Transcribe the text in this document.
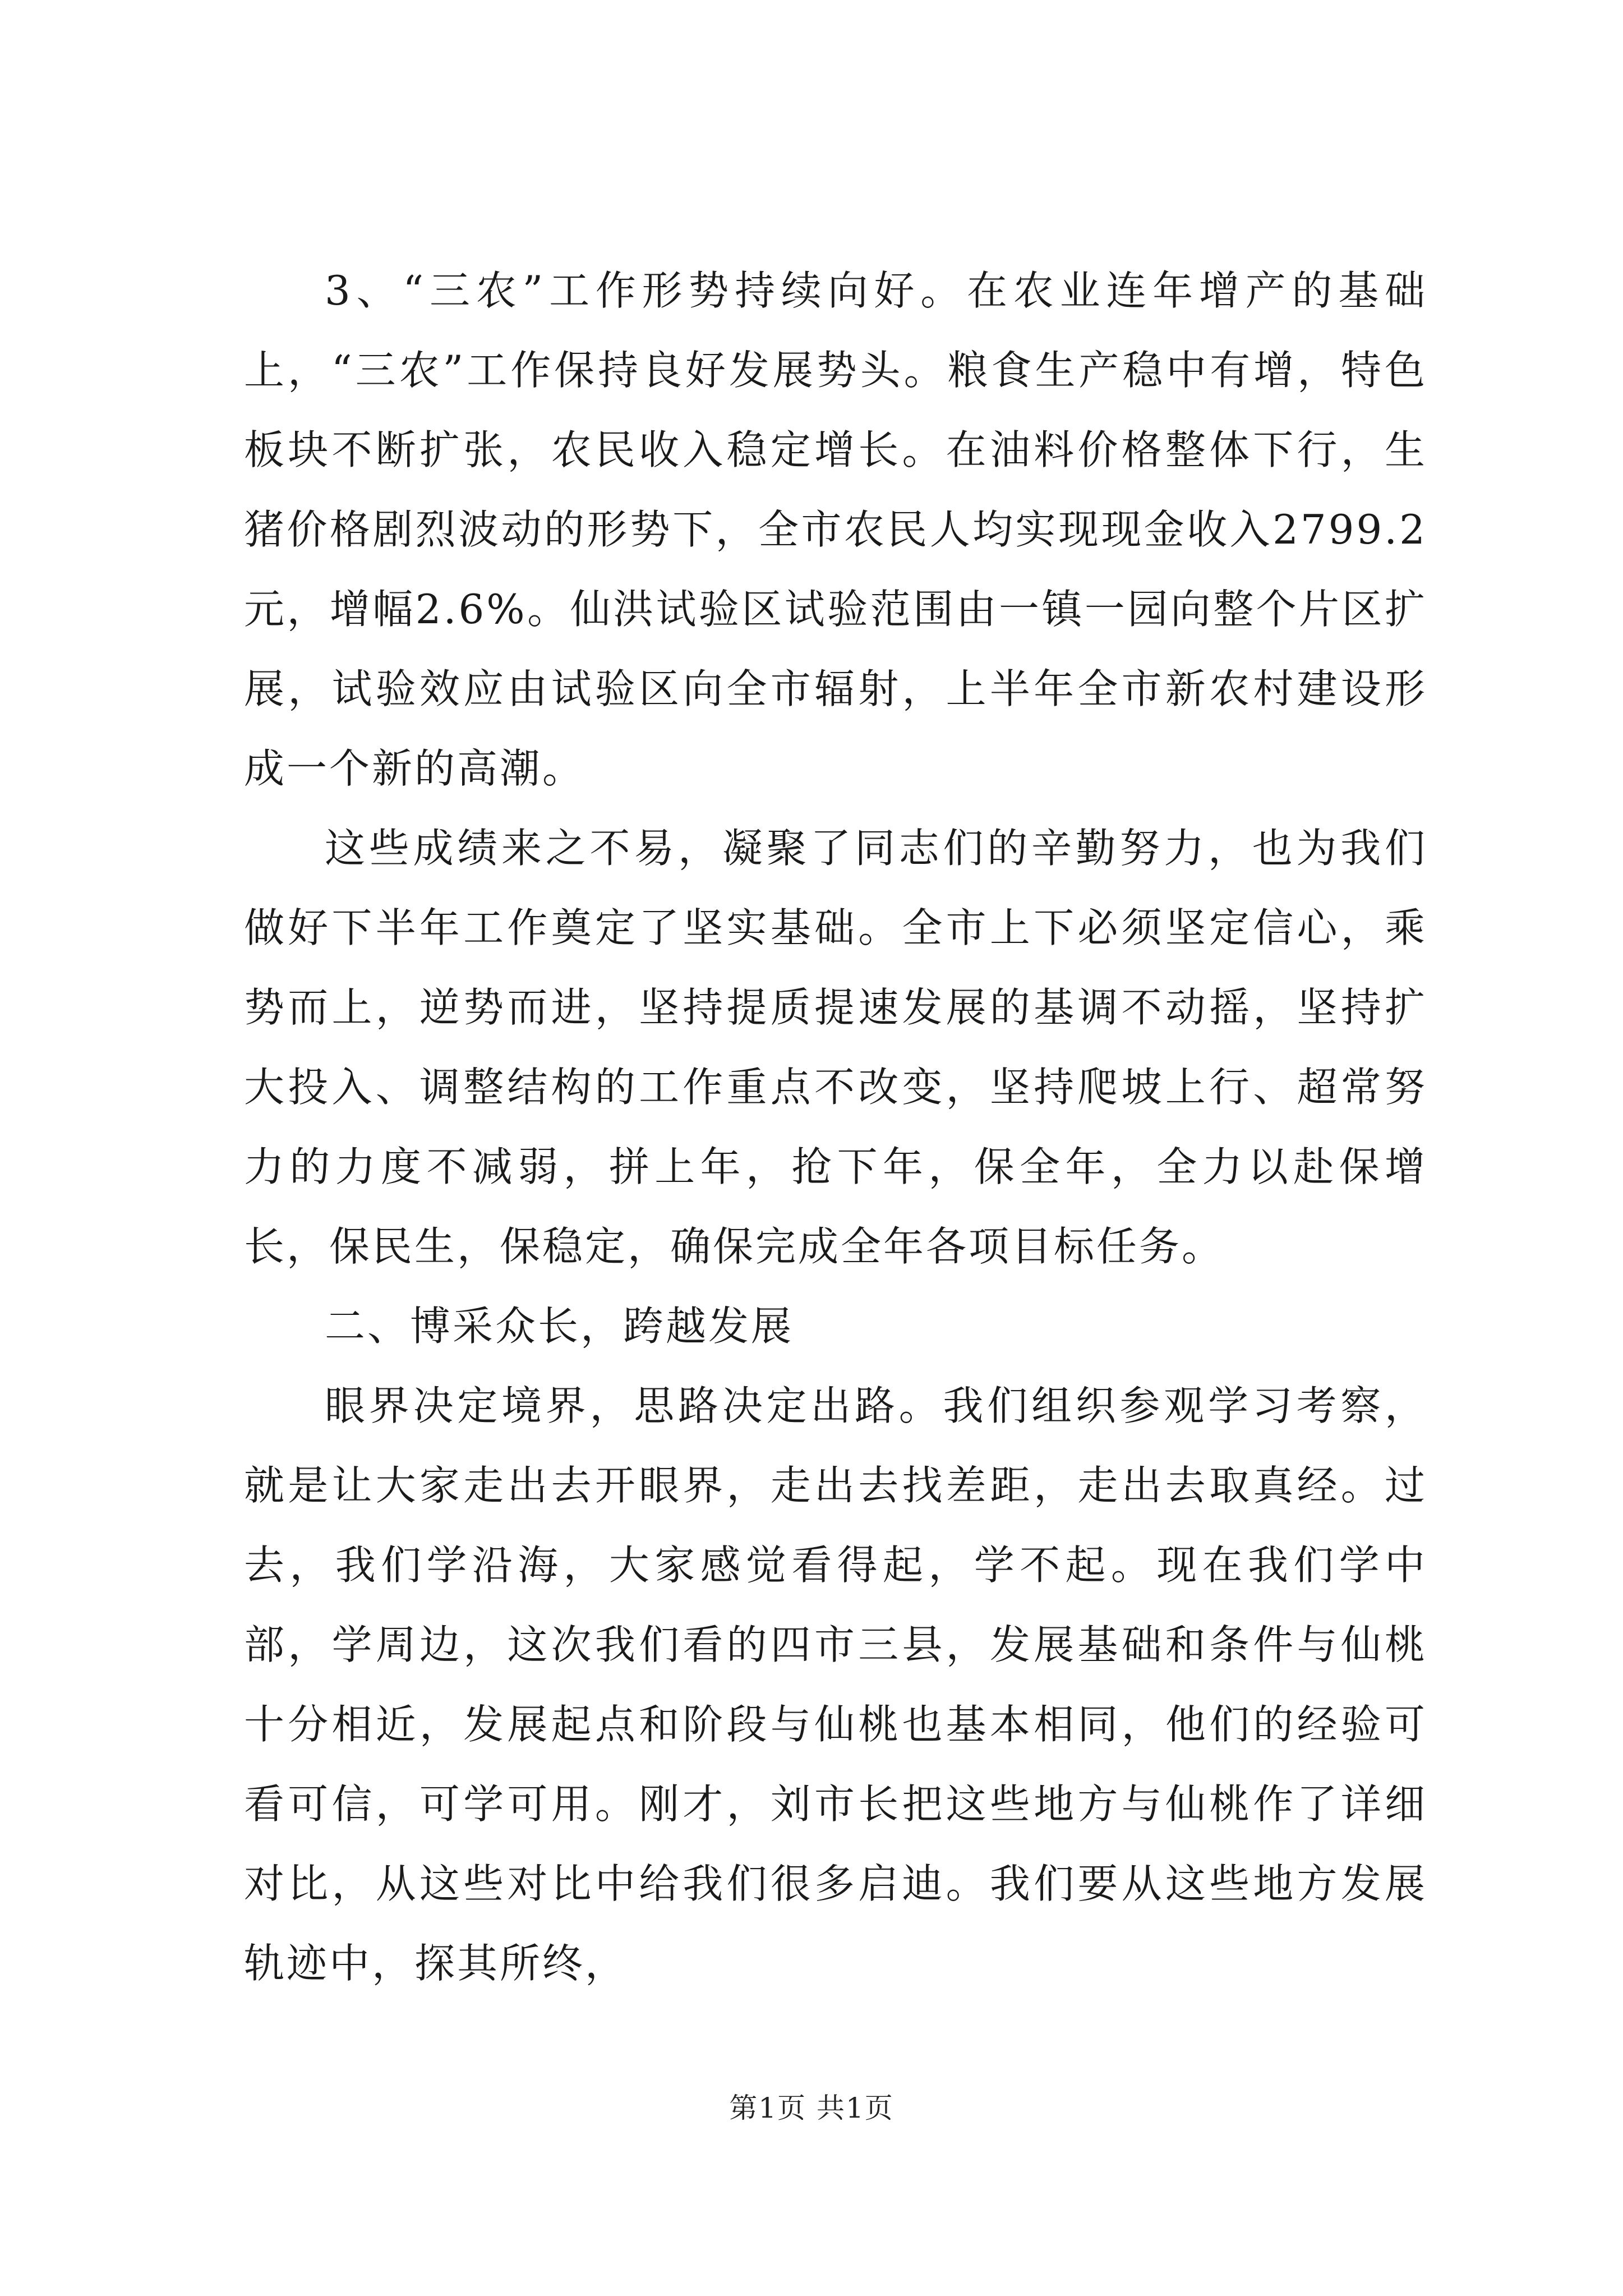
3、“三农”工作形势持续向好。在农业连年增产的基础上，“三农”工作保持良好发展势头。粮食生产稳中有增，特色板块不断扩张，农民收入稳定增长。在油料价格整体下行，生猪价格剧烈波动的形势下，全市农民人均实现现金收入2799.2元，增幅2.6%。仙洪试验区试验范围由一镇一园向整个片区扩展，试验效应由试验区向全市辐射，上半年全市新农村建设形成一个新的高潮。

这些成绩来之不易，凝聚了同志们的辛勤努力，也为我们做好下半年工作奠定了坚实基础。全市上下必须坚定信心，乘势而上，逆势而进，坚持提质提速发展的基调不动摇，坚持扩大投入、调整结构的工作重点不改变，坚持爬坡上行、超常努力的力度不减弱，拼上年，抢下年，保全年，全力以赴保增长，保民生，保稳定，确保完成全年各项目标任务。

二、博采众长，跨越发展

眼界决定境界，思路决定出路。我们组织参观学习考察，就是让大家走出去开眼界，走出去找差距，走出去取真经。过去，我们学沿海，大家感觉看得起，学不起。现在我们学中部，学周边，这次我们看的四市三县，发展基础和条件与仙桃十分相近，发展起点和阶段与仙桃也基本相同，他们的经验可看可信，可学可用。刚才，刘市长把这些地方与仙桃作了详细对比，从这些对比中给我们很多启迪。我们要从这些地方发展轨迹中，探其所终，

第1页 共1页
